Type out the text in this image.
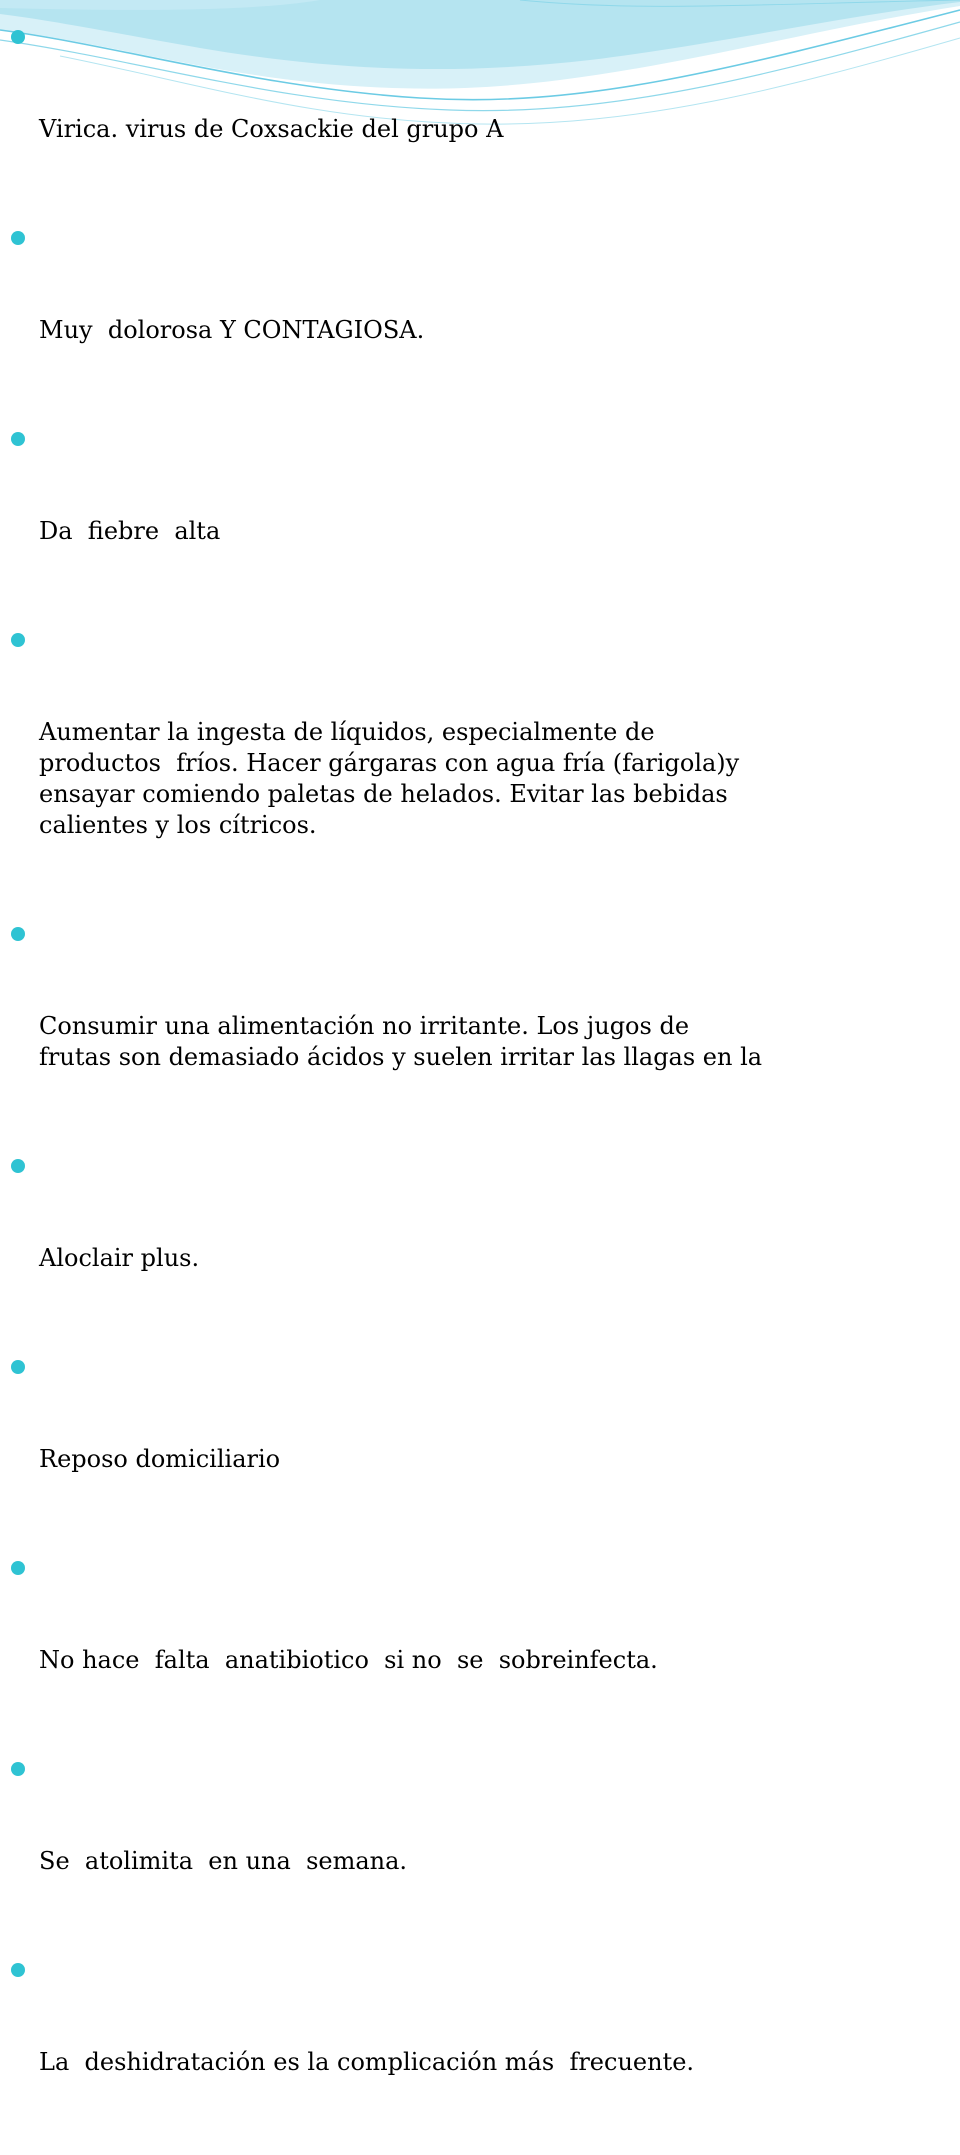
Virica. virus de Coxsackie del grupo A

Muy  dolorosa Y CONTAGIOSA.

Da  fiebre  alta

Aumentar la ingesta de líquidos, especialmente de
productos  fríos. Hacer gárgaras con agua fría (farigola)y
ensayar comiendo paletas de helados. Evitar las bebidas
calientes y los cítricos.

Consumir una alimentación no irritante. Los jugos de
frutas son demasiado ácidos y suelen irritar las llagas en la

Aloclair plus.

Reposo domiciliario

No hace  falta  anatibiotico  si no  se  sobreinfecta.

Se  atolimita  en una  semana.

La  deshidratación es la complicación más  frecuente.
